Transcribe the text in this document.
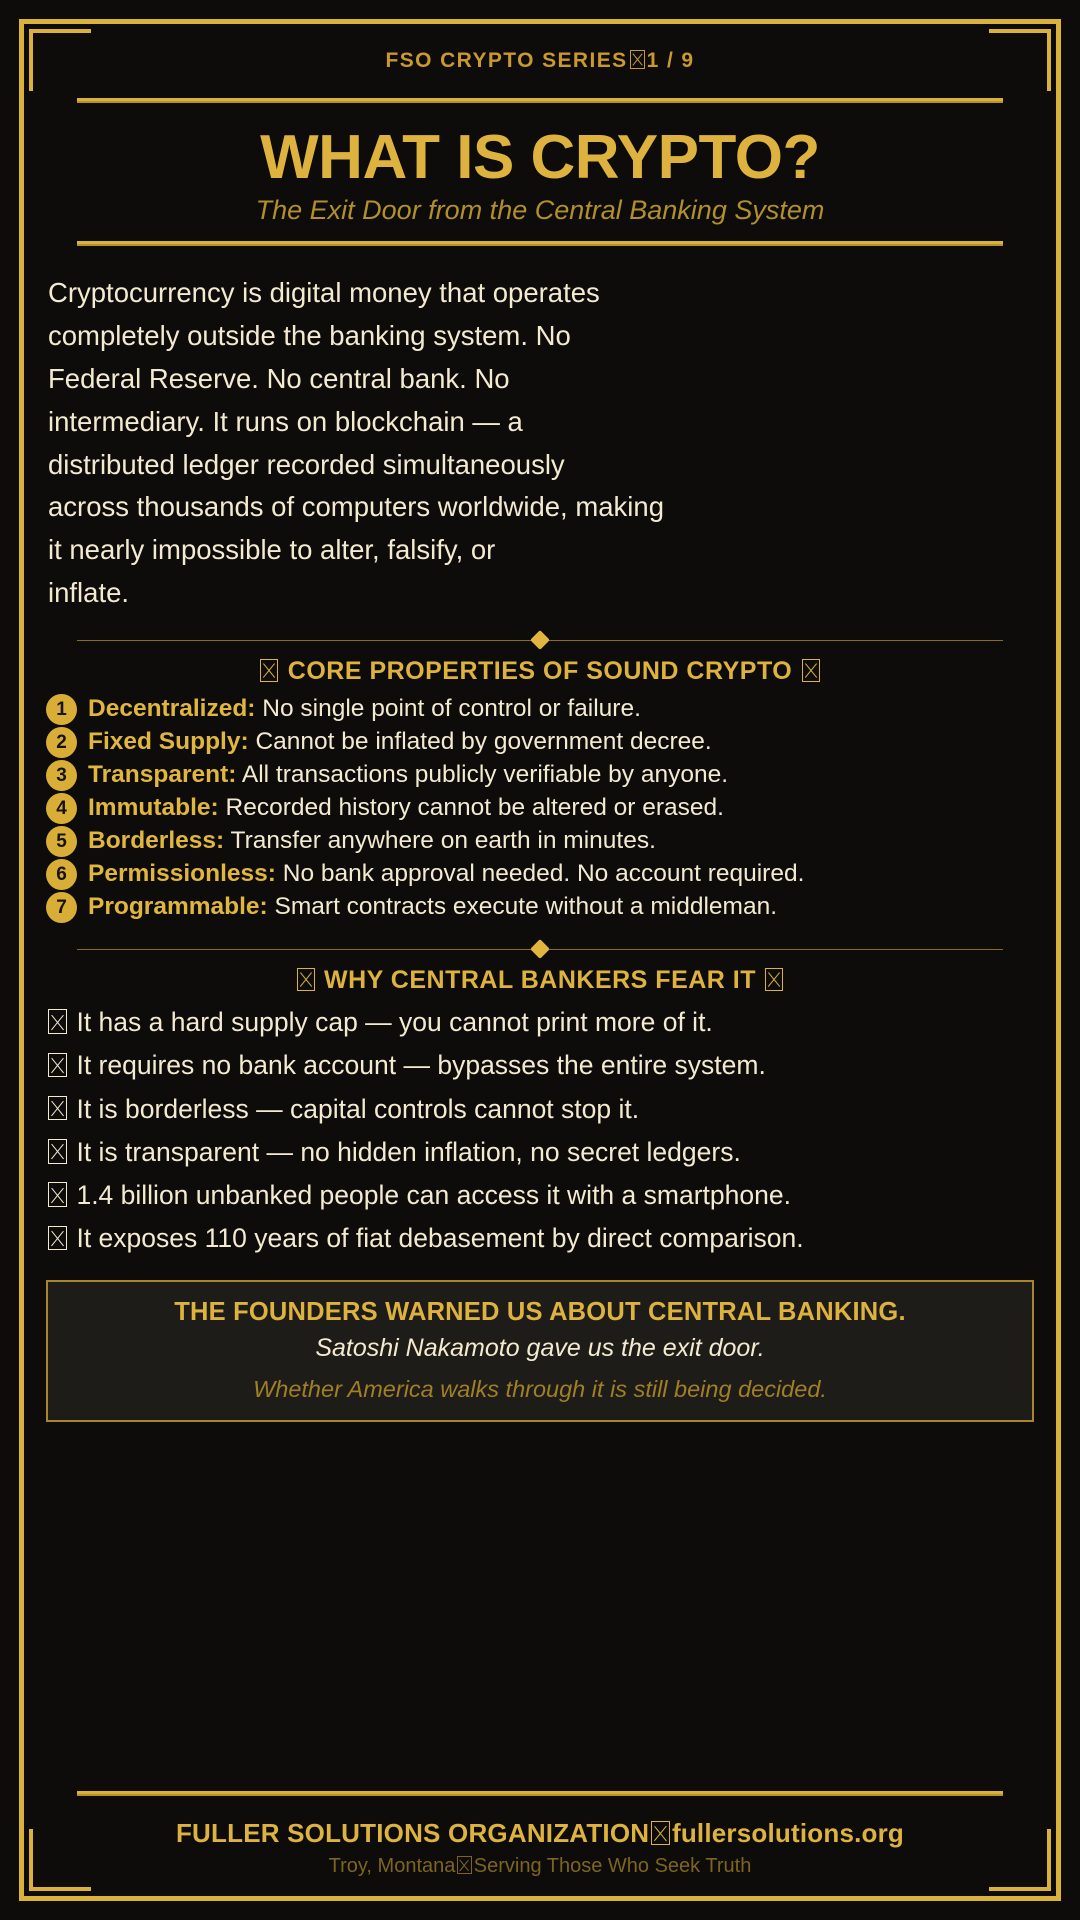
FSO CRYPTO SERIES 1 / 9
WHAT IS CRYPTO?
The Exit Door from the Central Banking System
Cryptocurrency is digital money that operates
completely outside the banking system. No
Federal Reserve. No central bank. No
intermediary. It runs on blockchain — a
distributed ledger recorded simultaneously
across thousands of computers worldwide, making
it nearly impossible to alter, falsify, or
inflate.
CORE PROPERTIES OF SOUND CRYPTO
1 Decentralized: No single point of control or failure.
2 Fixed Supply: Cannot be inflated by government decree.
3 Transparent: All transactions publicly verifiable by anyone.
4 Immutable: Recorded history cannot be altered or erased.
5 Borderless: Transfer anywhere on earth in minutes.
6 Permissionless: No bank approval needed. No account required.
7 Programmable: Smart contracts execute without a middleman.
WHY CENTRAL BANKERS FEAR IT
It has a hard supply cap — you cannot print more of it.
It requires no bank account — bypasses the entire system.
It is borderless — capital controls cannot stop it.
It is transparent — no hidden inflation, no secret ledgers.
1.4 billion unbanked people can access it with a smartphone.
It exposes 110 years of fiat debasement by direct comparison.
THE FOUNDERS WARNED US ABOUT CENTRAL BANKING.
Satoshi Nakamoto gave us the exit door.
Whether America walks through it is still being decided.
FULLER SOLUTIONS ORGANIZATION fullersolutions.org
Troy, Montana Serving Those Who Seek Truth
